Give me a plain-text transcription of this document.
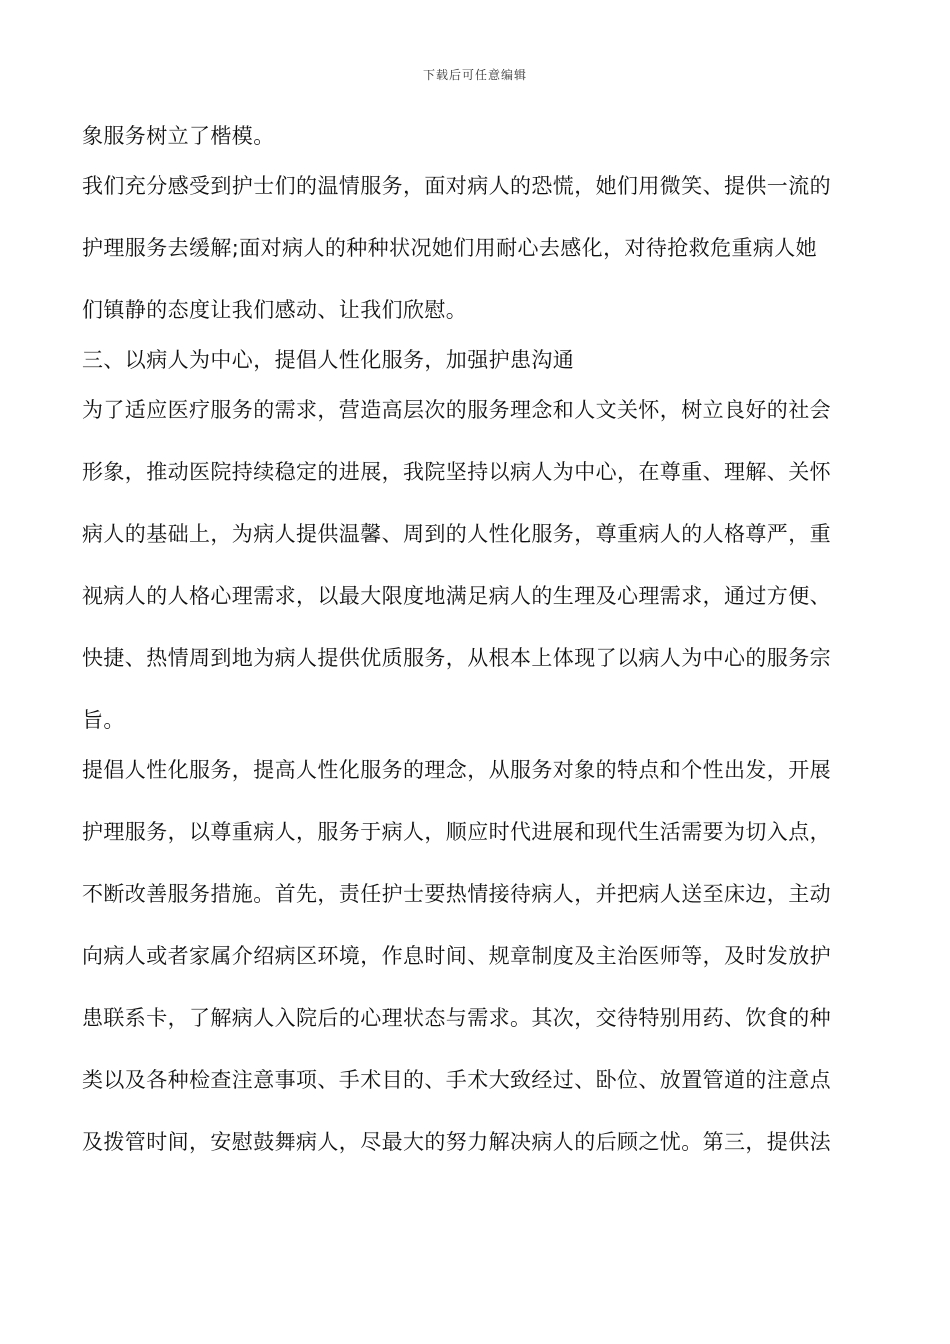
下载后可任意编辑
象服务树立了楷模。
我们充分感受到护士们的温情服务，面对病人的恐慌，她们用微笑、提供一流的
护理服务去缓解;面对病人的种种状况她们用耐心去感化，对待抢救危重病人她
们镇静的态度让我们感动、让我们欣慰。
三、以病人为中心，提倡人性化服务，加强护患沟通
为了适应医疗服务的需求，营造高层次的服务理念和人文关怀，树立良好的社会
形象，推动医院持续稳定的进展，我院坚持以病人为中心，在尊重、理解、关怀
病人的基础上，为病人提供温馨、周到的人性化服务，尊重病人的人格尊严，重
视病人的人格心理需求，以最大限度地满足病人的生理及心理需求，通过方便、
快捷、热情周到地为病人提供优质服务，从根本上体现了以病人为中心的服务宗
旨。
提倡人性化服务，提高人性化服务的理念，从服务对象的特点和个性出发，开展
护理服务，以尊重病人，服务于病人，顺应时代进展和现代生活需要为切入点，
不断改善服务措施。首先，责任护士要热情接待病人，并把病人送至床边，主动
向病人或者家属介绍病区环境，作息时间、规章制度及主治医师等，及时发放护
患联系卡，了解病人入院后的心理状态与需求。其次，交待特别用药、饮食的种
类以及各种检查注意事项、手术目的、手术大致经过、卧位、放置管道的注意点
及拨管时间，安慰鼓舞病人，尽最大的努力解决病人的后顾之忧。第三，提供法
